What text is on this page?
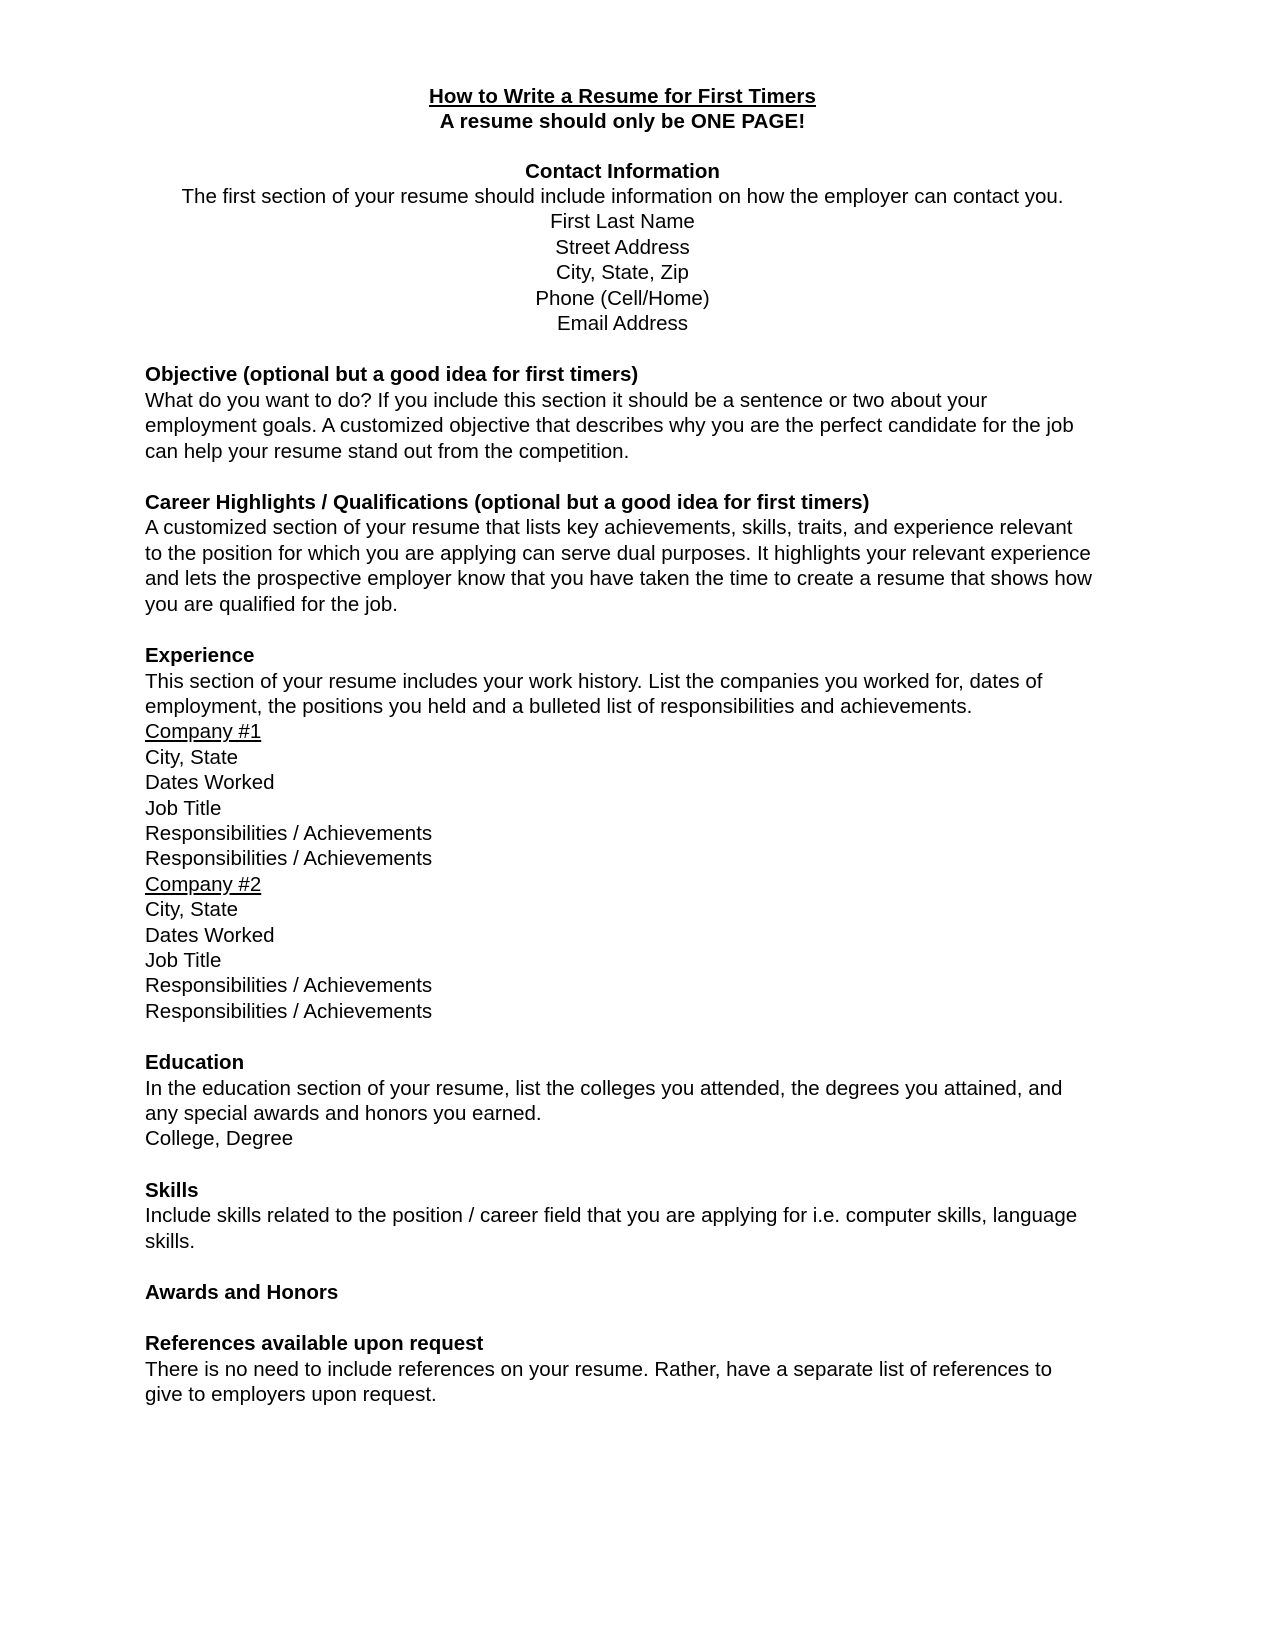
How to Write a Resume for First Timers
A resume should only be ONE PAGE!
Contact Information
The first section of your resume should include information on how the employer can contact you.
First Last Name
Street Address
City, State, Zip
Phone (Cell/Home)
Email Address
Objective (optional but a good idea for first timers)
What do you want to do? If you include this section it should be a sentence or two about your employment goals. A customized objective that describes why you are the perfect candidate for the job can help your resume stand out from the competition.
Career Highlights / Qualifications (optional but a good idea for first timers)
A customized section of your resume that lists key achievements, skills, traits, and experience relevant to the position for which you are applying can serve dual purposes. It highlights your relevant experience and lets the prospective employer know that you have taken the time to create a resume that shows how you are qualified for the job.
Experience
This section of your resume includes your work history. List the companies you worked for, dates of employment, the positions you held and a bulleted list of responsibilities and achievements.
Company #1
City, State
Dates Worked
Job Title
Responsibilities / Achievements
Responsibilities / Achievements
Company #2
City, State
Dates Worked
Job Title
Responsibilities / Achievements
Responsibilities / Achievements
Education
In the education section of your resume, list the colleges you attended, the degrees you attained, and any special awards and honors you earned.
College, Degree
Skills
Include skills related to the position / career field that you are applying for i.e. computer skills, language skills.
Awards and Honors
References available upon request
There is no need to include references on your resume. Rather, have a separate list of references to give to employers upon request.
